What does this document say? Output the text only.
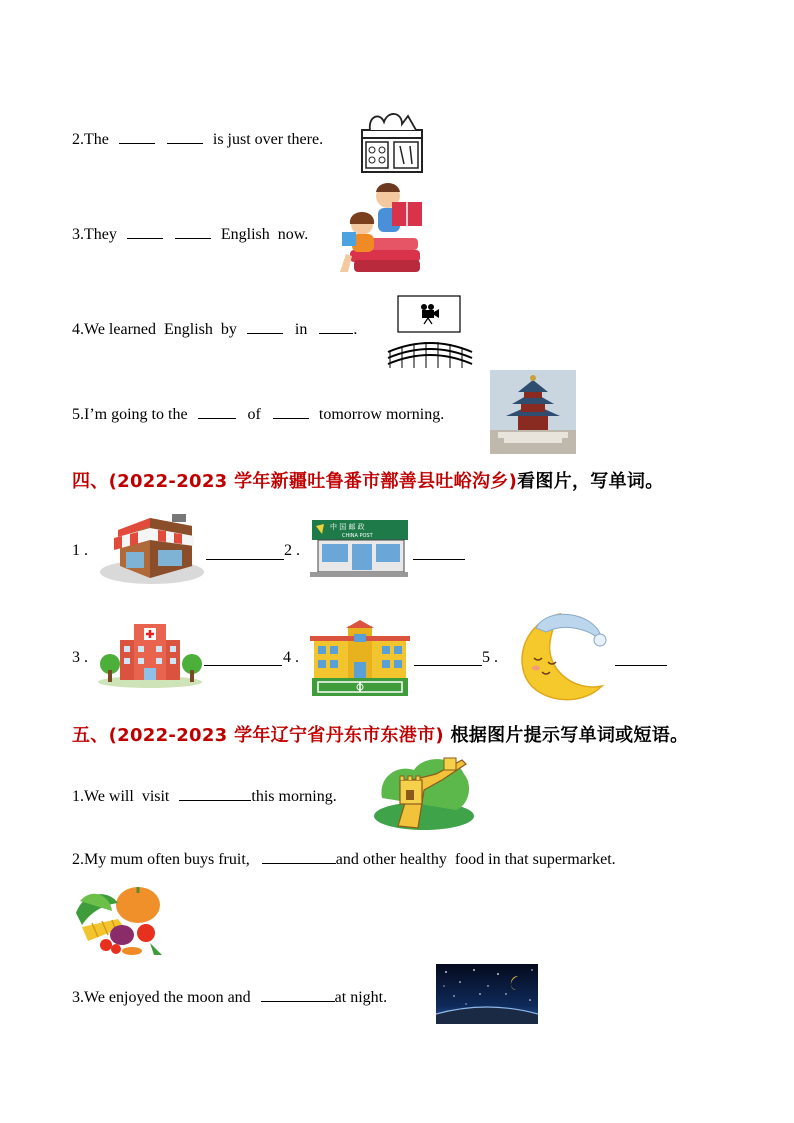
2.The	is just over there.
3.They	English  now.
4.We learned  English  by	in	.
5.I’m going to the	of	tomorrow morning.
四、(2022-2023 学年新疆吐鲁番市鄯善县吐峪沟乡)看图片，写单词。
1 .	2 .
中 国 邮 政
CHINA POST
3 .	4 .	5 .
五、(2022-2023 学年辽宁省丹东市东港市) 根据图片提示写单词或短语。
1.We will  visit	this morning.
2.My mum often buys fruit,	and other healthy  food in that supermarket.
3.We enjoyed the moon and	at night.
